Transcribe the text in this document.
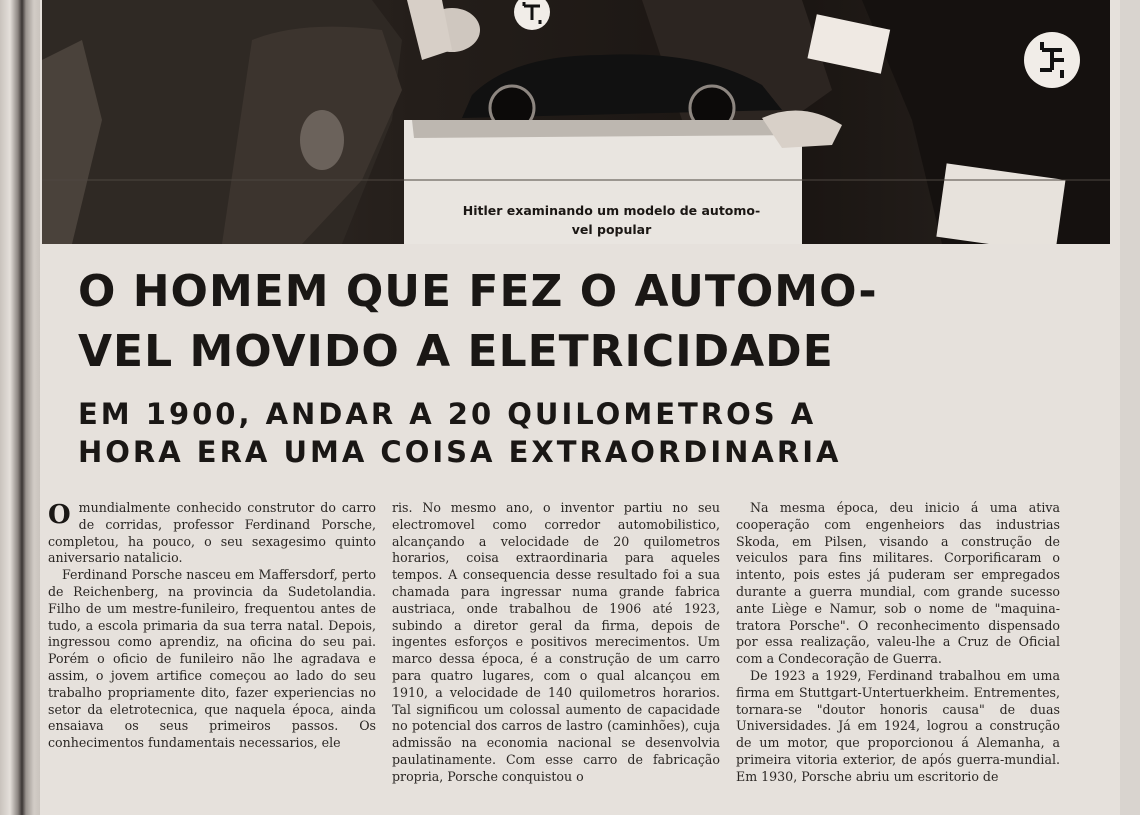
Hitler examinando um modelo de automo-
vel popular
O HOMEM QUE FEZ O AUTOMO-
VEL MOVIDO A ELETRICIDADE
EM 1900, ANDAR A 20 QUILOMETROS A
HORA ERA UMA COISA EXTRAORDINARIA

Omundialmente conhecido construtor do carro de corridas, professor Ferdinand Porsche, completou, ha pouco, o seu sexagesimo quinto aniversario natalicio.

Ferdinand Porsche nasceu em Maffersdorf, perto de Reichenberg, na provincia da Sudetolandia. Filho de um mestre-funileiro, frequentou antes de tudo, a escola primaria da sua terra natal. Depois, ingressou como aprendiz, na oficina do seu pai. Porém o oficio de funileiro não lhe agradava e assim, o jovem artifice começou ao lado do seu trabalho propriamente dito, fazer experiencias no setor da eletrotecnica, que naquela época, ainda ensaiava os seus primeiros passos. Os conhecimentos fundamentais necessarios, ele

ris. No mesmo ano, o inventor partiu no seu electromovel como corredor automobilistico, alcançando a velocidade de 20 quilometros horarios, coisa extraordinaria para aqueles tempos. A consequencia desse resultado foi a sua chamada para ingressar numa grande fabrica austriaca, onde trabalhou de 1906 até 1923, subindo a diretor geral da firma, depois de ingentes esforços e positivos merecimentos. Um marco dessa época, é a construção de um carro para quatro lugares, com o qual alcançou em 1910, a velocidade de 140 quilometros horarios. Tal significou um colossal aumento de capacidade no potencial dos carros de lastro (caminhões), cuja admissão na economia nacional se desenvolvia paulatinamente. Com esse carro de fabricação propria, Porsche conquistou o

Na mesma época, deu inicio á uma ativa cooperação com engenheiors das industrias Skoda, em Pilsen, visando a construção de veiculos para fins militares. Corporificaram o intento, pois estes já puderam ser empregados durante a guerra mundial, com grande sucesso ante Liège e Namur, sob o nome de "maquina-tratora Porsche". O reconhecimento dispensado por essa realização, valeu-lhe a Cruz de Oficial com a Condecoração de Guerra.

De 1923 a 1929, Ferdinand trabalhou em uma firma em Stuttgart-Untertuerkheim. Entrementes, tornara-se "doutor honoris causa" de duas Universidades. Já em 1924, logrou a construção de um motor, que proporcionou á Alemanha, a primeira vitoria exterior, de após guerra-mundial. Em 1930, Porsche abriu um escritorio de
